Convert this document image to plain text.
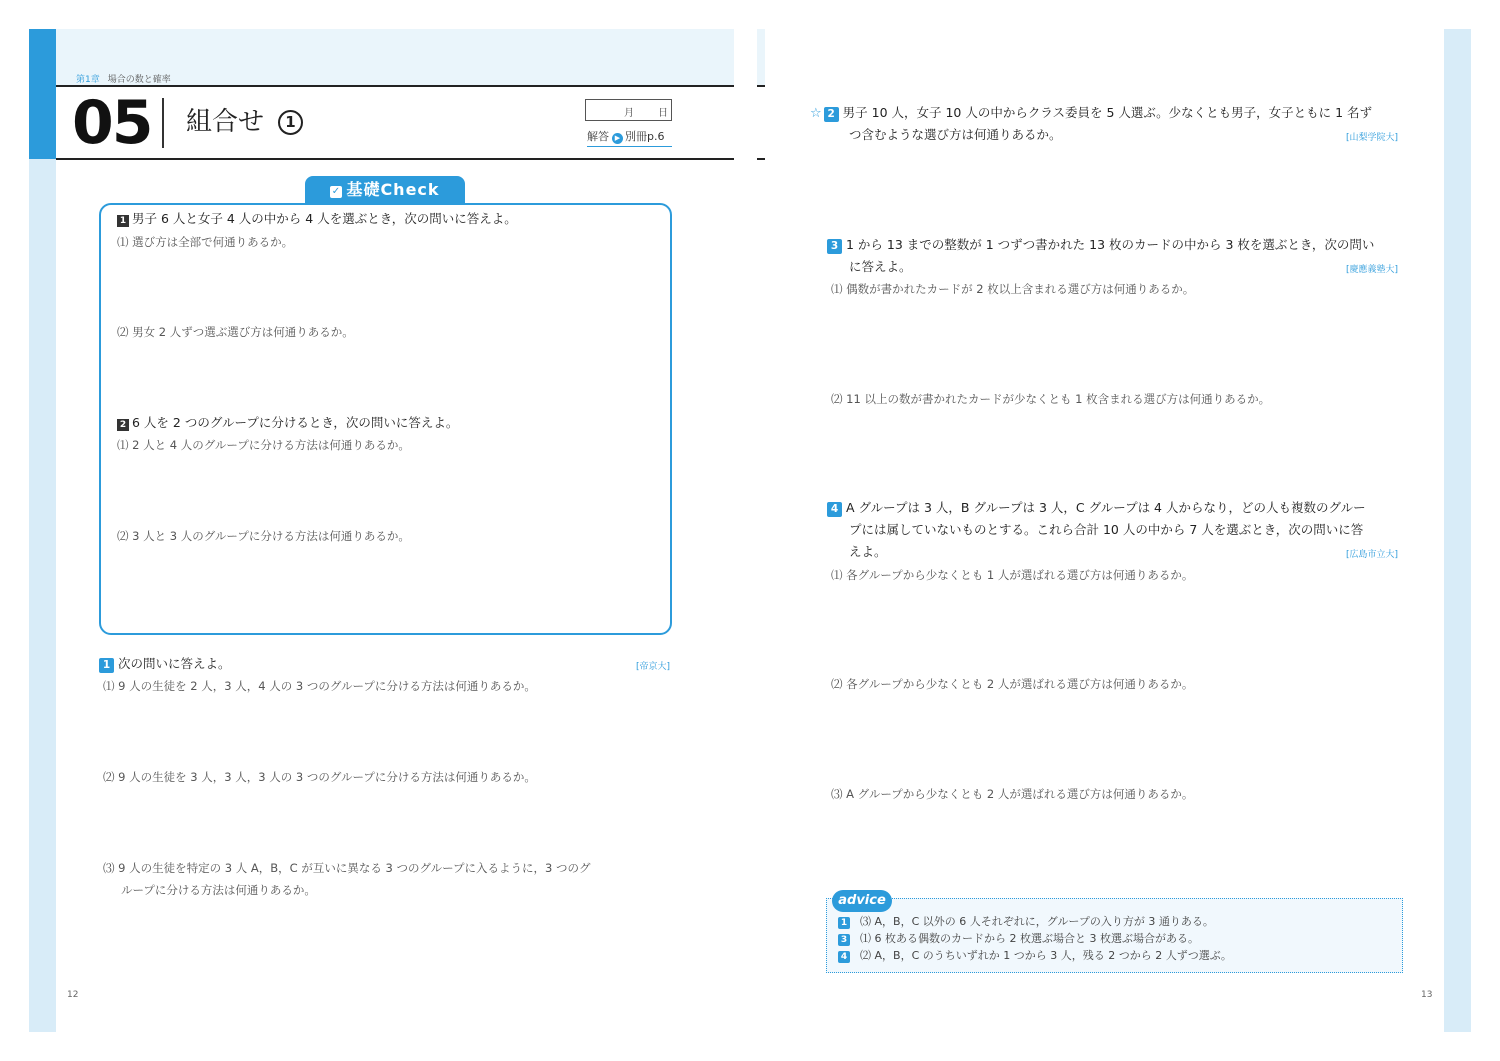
第1章 場合の数と確率
05 組合せ 1	月 日
解答 ▶ 別冊p.6
✓ 基礎Check
1 男子 6 人と女子 4 人の中から 4 人を選ぶとき，次の問いに答えよ。
⑴ 選び方は全部で何通りあるか。
⑵ 男女 2 人ずつ選ぶ選び方は何通りあるか。
2 6 人を 2 つのグループに分けるとき，次の問いに答えよ。
⑴ 2 人と 4 人のグループに分ける方法は何通りあるか。
⑵ 3 人と 3 人のグループに分ける方法は何通りあるか。
1 次の問いに答えよ。	[帝京大]
⑴ 9 人の生徒を 2 人，3 人，4 人の 3 つのグループに分ける方法は何通りあるか。
⑵ 9 人の生徒を 3 人，3 人，3 人の 3 つのグループに分ける方法は何通りあるか。
⑶ 9 人の生徒を特定の 3 人 A，B，C が互いに異なる 3 つのグループに入るように，3 つのグ
ループに分ける方法は何通りあるか。
☆ 2 男子 10 人，女子 10 人の中からクラス委員を 5 人選ぶ。少なくとも男子，女子ともに 1 名ず
つ含むような選び方は何通りあるか。	[山梨学院大]
3 1 から 13 までの整数が 1 つずつ書かれた 13 枚のカードの中から 3 枚を選ぶとき，次の問い
に答えよ。	[慶應義塾大]
⑴ 偶数が書かれたカードが 2 枚以上含まれる選び方は何通りあるか。
⑵ 11 以上の数が書かれたカードが少なくとも 1 枚含まれる選び方は何通りあるか。
4 A グループは 3 人，B グループは 3 人，C グループは 4 人からなり，どの人も複数のグルー
プには属していないものとする。これら合計 10 人の中から 7 人を選ぶとき，次の問いに答
えよ。	[広島市立大]
⑴ 各グループから少なくとも 1 人が選ばれる選び方は何通りあるか。
⑵ 各グループから少なくとも 2 人が選ばれる選び方は何通りあるか。
⑶ A グループから少なくとも 2 人が選ばれる選び方は何通りあるか。
advice
1 ⑶ A，B，C 以外の 6 人それぞれに，グループの入り方が 3 通りある。
3 ⑴ 6 枚ある偶数のカードから 2 枚選ぶ場合と 3 枚選ぶ場合がある。
4 ⑵ A，B，C のうちいずれか 1 つから 3 人，残る 2 つから 2 人ずつ選ぶ。
12	13
